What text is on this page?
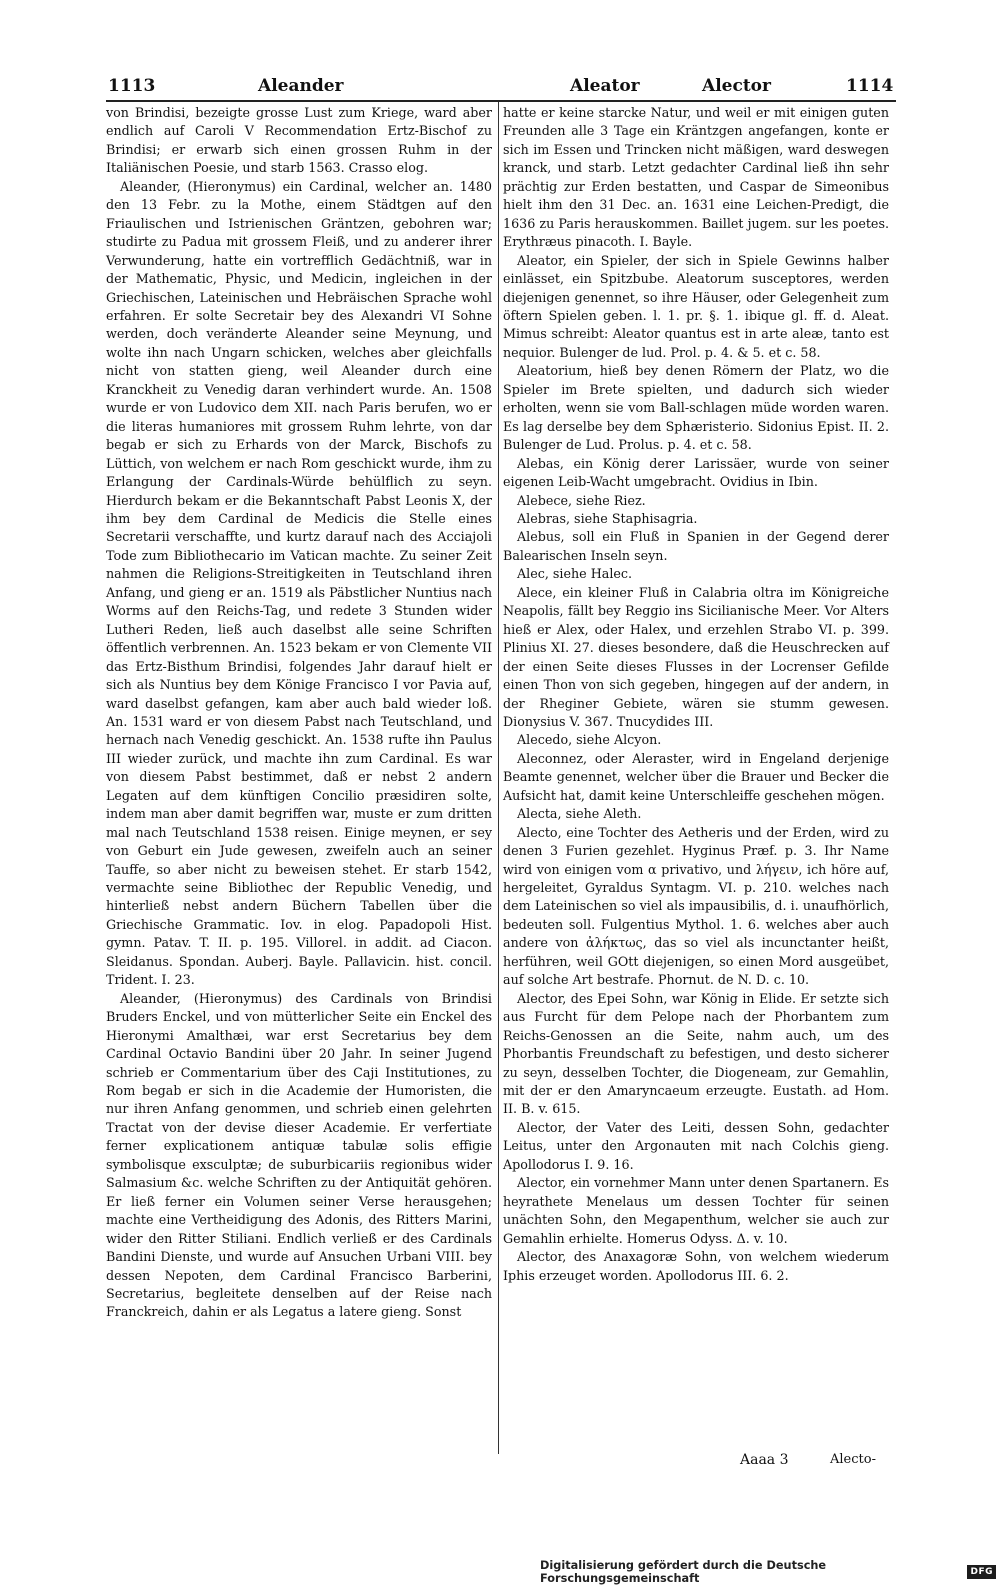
1113	Aleander	Aleator	Alector	1114

von Brindisi, bezeigte grosse Lust zum Kriege, ward aber endlich auf Caroli V Recommendation Ertz-Bischof zu Brindisi; er erwarb sich einen grossen Ruhm in der Italiänischen Poesie, und starb 1563. Crasso elog.

Aleander, (Hieronymus) ein Cardinal, welcher an. 1480 den 13 Febr. zu la Mothe, einem Städtgen auf den Friaulischen und Istrienischen Gräntzen, gebohren war; studirte zu Padua mit grossem Fleiß, und zu anderer ihrer Verwunderung, hatte ein vortrefflich Gedächtniß, war in der Mathematic, Physic, und Medicin, ingleichen in der Griechischen, Lateinischen und Hebräischen Sprache wohl erfahren. Er solte Secretair bey des Alexandri VI Sohne werden, doch veränderte Aleander seine Meynung, und wolte ihn nach Ungarn schicken, welches aber gleichfalls nicht von statten gieng, weil Aleander durch eine Kranckheit zu Venedig daran verhindert wurde. An. 1508 wurde er von Ludovico dem XII. nach Paris berufen, wo er die literas humaniores mit grossem Ruhm lehrte, von dar begab er sich zu Erhards von der Marck, Bischofs zu Lüttich, von welchem er nach Rom geschickt wurde, ihm zu Erlangung der Cardinals-Würde behülflich zu seyn. Hierdurch bekam er die Bekanntschaft Pabst Leonis X, der ihm bey dem Cardinal de Medicis die Stelle eines Secretarii verschaffte, und kurtz darauf nach des Acciajoli Tode zum Bibliothecario im Vatican machte. Zu seiner Zeit nahmen die Religions-Streitigkeiten in Teutschland ihren Anfang, und gieng er an. 1519 als Päbstlicher Nuntius nach Worms auf den Reichs-Tag, und redete 3 Stunden wider Lutheri Reden, ließ auch daselbst alle seine Schriften öffentlich verbrennen. An. 1523 bekam er von Clemente VII das Ertz-Bisthum Brindisi, folgendes Jahr darauf hielt er sich als Nuntius bey dem Könige Francisco I vor Pavia auf, ward daselbst gefangen, kam aber auch bald wieder loß. An. 1531 ward er von diesem Pabst nach Teutschland, und hernach nach Venedig geschickt. An. 1538 rufte ihn Paulus III wieder zurück, und machte ihn zum Cardinal. Es war von diesem Pabst bestimmet, daß er nebst 2 andern Legaten auf dem künftigen Concilio præsidiren solte, indem man aber damit begriffen war, muste er zum dritten mal nach Teutschland 1538 reisen. Einige meynen, er sey von Geburt ein Jude gewesen, zweifeln auch an seiner Tauffe, so aber nicht zu beweisen stehet. Er starb 1542, vermachte seine Bibliothec der Republic Venedig, und hinterließ nebst andern Büchern Tabellen über die Griechische Grammatic. Iov. in elog. Papadopoli Hist. gymn. Patav. T. II. p. 195. Villorel. in addit. ad Ciacon. Sleidanus. Spondan. Auberj. Bayle. Pallavicin. hist. concil. Trident. I. 23.

Aleander, (Hieronymus) des Cardinals von Brindisi Bruders Enckel, und von mütterlicher Seite ein Enckel des Hieronymi Amalthæi, war erst Secretarius bey dem Cardinal Octavio Bandini über 20 Jahr. In seiner Jugend schrieb er Commentarium über des Caji Institutiones, zu Rom begab er sich in die Academie der Humoristen, die nur ihren Anfang genommen, und schrieb einen gelehrten Tractat von der devise dieser Academie. Er verfertiate ferner explicationem antiquæ tabulæ solis effigie symbolisque exsculptæ; de suburbicariis regionibus wider Salmasium &c. welche Schriften zu der Antiquität gehören. Er ließ ferner ein Volumen seiner Verse herausgehen; machte eine Vertheidigung des Adonis, des Ritters Marini, wider den Ritter Stiliani. Endlich verließ er des Cardinals Bandini Dienste, und wurde auf Ansuchen Urbani VIII. bey dessen Nepoten, dem Cardinal Francisco Barberini, Secretarius, begleitete denselben auf der Reise nach Franckreich, dahin er als Legatus a latere gieng. Sonst

hatte er keine starcke Natur, und weil er mit einigen guten Freunden alle 3 Tage ein Kräntzgen angefangen, konte er sich im Essen und Trincken nicht mäßigen, ward deswegen kranck, und starb. Letzt gedachter Cardinal ließ ihn sehr prächtig zur Erden bestatten, und Caspar de Simeonibus hielt ihm den 31 Dec. an. 1631 eine Leichen-Predigt, die 1636 zu Paris herauskommen. Baillet jugem. sur les poetes. Erythræus pinacoth. I. Bayle.

Aleator, ein Spieler, der sich in Spiele Gewinns halber einlässet, ein Spitzbube. Aleatorum susceptores, werden diejenigen genennet, so ihre Häuser, oder Gelegenheit zum öftern Spielen geben. l. 1. pr. §. 1. ibique gl. ff. d. Aleat. Mimus schreibt: Aleator quantus est in arte aleæ, tanto est nequior. Bulenger de lud. Prol. p. 4. & 5. et c. 58.

Aleatorium, hieß bey denen Römern der Platz, wo die Spieler im Brete spielten, und dadurch sich wieder erholten, wenn sie vom Ball-schlagen müde worden waren. Es lag derselbe bey dem Sphæristerio. Sidonius Epist. II. 2. Bulenger de Lud. Prolus. p. 4. et c. 58.

Alebas, ein König derer Larissäer, wurde von seiner eigenen Leib-Wacht umgebracht. Ovidius in Ibin.

Alebece, siehe Riez.

Alebras, siehe Staphisagria.

Alebus, soll ein Fluß in Spanien in der Gegend derer Balearischen Inseln seyn.

Alec, siehe Halec.

Alece, ein kleiner Fluß in Calabria oltra im Königreiche Neapolis, fällt bey Reggio ins Sicilianische Meer. Vor Alters hieß er Alex, oder Halex, und erzehlen Strabo VI. p. 399. Plinius XI. 27. dieses besondere, daß die Heuschrecken auf der einen Seite dieses Flusses in der Locrenser Gefilde einen Thon von sich gegeben, hingegen auf der andern, in der Rheginer Gebiete, wären sie stumm gewesen. Dionysius V. 367. Tnucydides III.

Alecedo, siehe Alcyon.

Aleconnez, oder Aleraster, wird in Engeland derjenige Beamte genennet, welcher über die Brauer und Becker die Aufsicht hat, damit keine Unterschleiffe geschehen mögen.

Alecta, siehe Aleth.

Alecto, eine Tochter des Aetheris und der Erden, wird zu denen 3 Furien gezehlet. Hyginus Præf. p. 3. Ihr Name wird von einigen vom α privativo, und λήγειν, ich höre auf, hergeleitet, Gyraldus Syntagm. VI. p. 210. welches nach dem Lateinischen so viel als impausibilis, d. i. unaufhörlich, bedeuten soll. Fulgentius Mythol. 1. 6. welches aber auch andere von ἀλήκτως, das so viel als incunctanter heißt, herführen, weil GOtt diejenigen, so einen Mord ausgeübet, auf solche Art bestrafe. Phornut. de N. D. c. 10.

Alector, des Epei Sohn, war König in Elide. Er setzte sich aus Furcht für dem Pelope nach der Phorbantem zum Reichs-Genossen an die Seite, nahm auch, um des Phorbantis Freundschaft zu befestigen, und desto sicherer zu seyn, desselben Tochter, die Diogeneam, zur Gemahlin, mit der er den Amaryncaeum erzeugte. Eustath. ad Hom. II. B. v. 615.

Alector, der Vater des Leiti, dessen Sohn, gedachter Leitus, unter den Argonauten mit nach Colchis gieng. Apollodorus I. 9. 16.

Alector, ein vornehmer Mann unter denen Spartanern. Es heyrathete Menelaus um dessen Tochter für seinen unächten Sohn, den Megapenthum, welcher sie auch zur Gemahlin erhielte. Homerus Odyss. Δ. v. 10.

Alector, des Anaxagoræ Sohn, von welchem wiederum Iphis erzeuget worden. Apollodorus III. 6. 2.

Aaaa 3	Alecto-
Digitalisierung gefördert durch die Deutsche Forschungsgemeinschaft	DFG
